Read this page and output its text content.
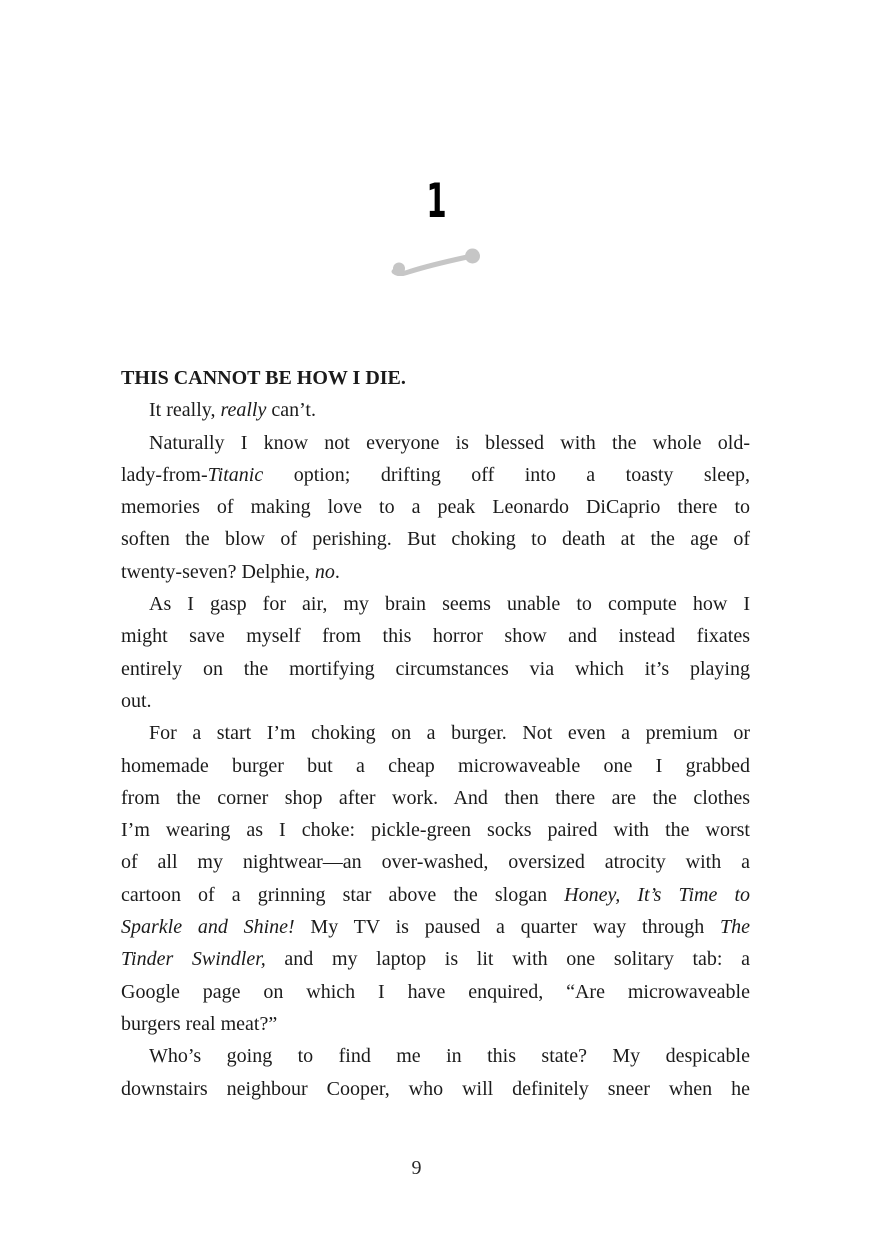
1
THIS CANNOT BE HOW I DIE.
It really, really can’t.
Naturally I know not everyone is blessed with the whole old-
lady-from-Titanic option; drifting off into a toasty sleep,
memories of making love to a peak Leonardo DiCaprio there to
soften the blow of perishing. But choking to death at the age of
twenty-seven? Delphie, no.
As I gasp for air, my brain seems unable to compute how I
might save myself from this horror show and instead fixates
entirely on the mortifying circumstances via which it’s playing
out.
For a start I’m choking on a burger. Not even a premium or
homemade burger but a cheap microwaveable one I grabbed
from the corner shop after work. And then there are the clothes
I’m wearing as I choke: pickle-green socks paired with the worst
of all my nightwear—an over-washed, oversized atrocity with a
cartoon of a grinning star above the slogan Honey, It’s Time to
Sparkle and Shine! My TV is paused a quarter way through The
Tinder Swindler, and my laptop is lit with one solitary tab: a
Google page on which I have enquired, “Are microwaveable
burgers real meat?”
Who’s going to find me in this state? My despicable
downstairs neighbour Cooper, who will definitely sneer when he
9
